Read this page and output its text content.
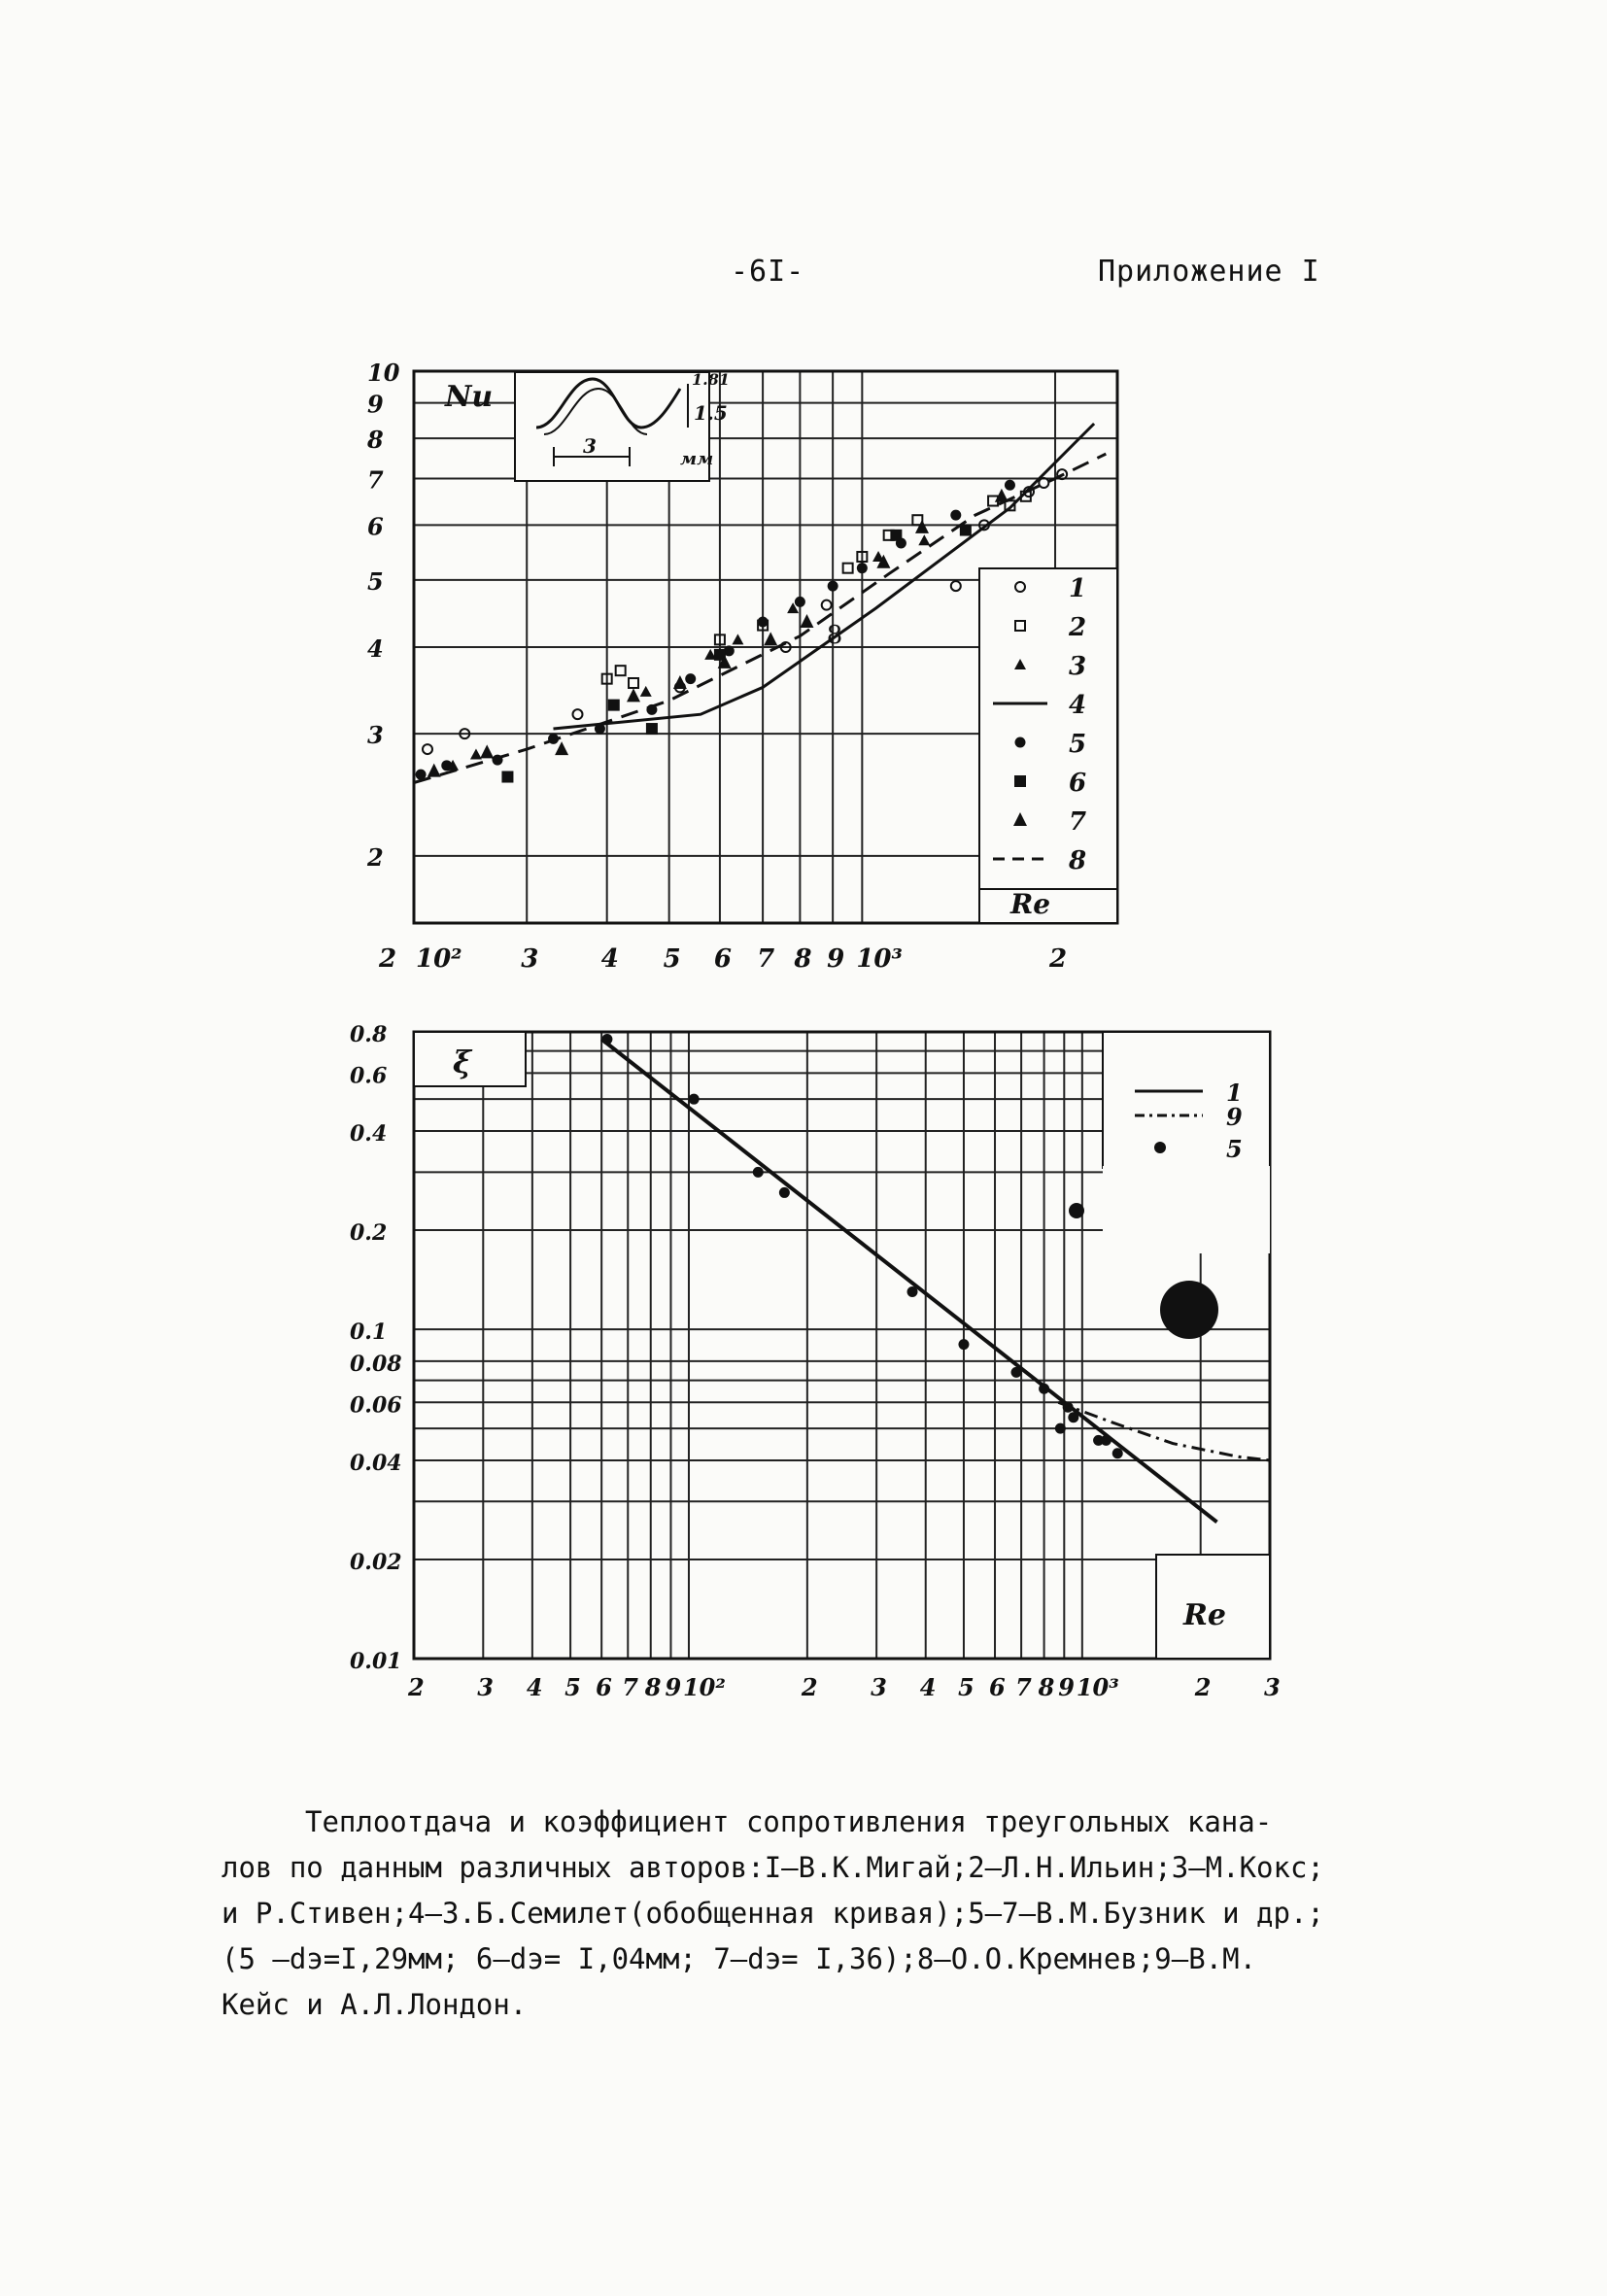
-6I-	Приложение I
3
1.5
1.81
мм
Nu
1
2
3
4
5
6
7
8
Re
8
2 10² 3 4 5 6 7 8 9 10³	2
10
9
8
7
6
5
4
3
2
ξ
Re
1
9
5
2 3 4 5 6 7 8 9 10²	2 3 4 5 6 7 8 9 10³	2 3
0.8
0.6
0.4
0.2
0.1
0.08
0.06
0.04
0.02
0.01
Теплоотдача и коэффициент сопротивления треугольных кана-
лов по данным различных авторов:I–В.К.Мигай;2–Л.Н.Ильин;3–М.Кокс;
и Р.Стивен;4–З.Б.Семилет(обобщенная кривая);5–7–В.М.Бузник и др.;
(5 –dэ=I,29мм; 6–dэ= I,04мм; 7–dэ= I,36);8–О.О.Кремнев;9–В.М.
Кейс и А.Л.Лондон.
